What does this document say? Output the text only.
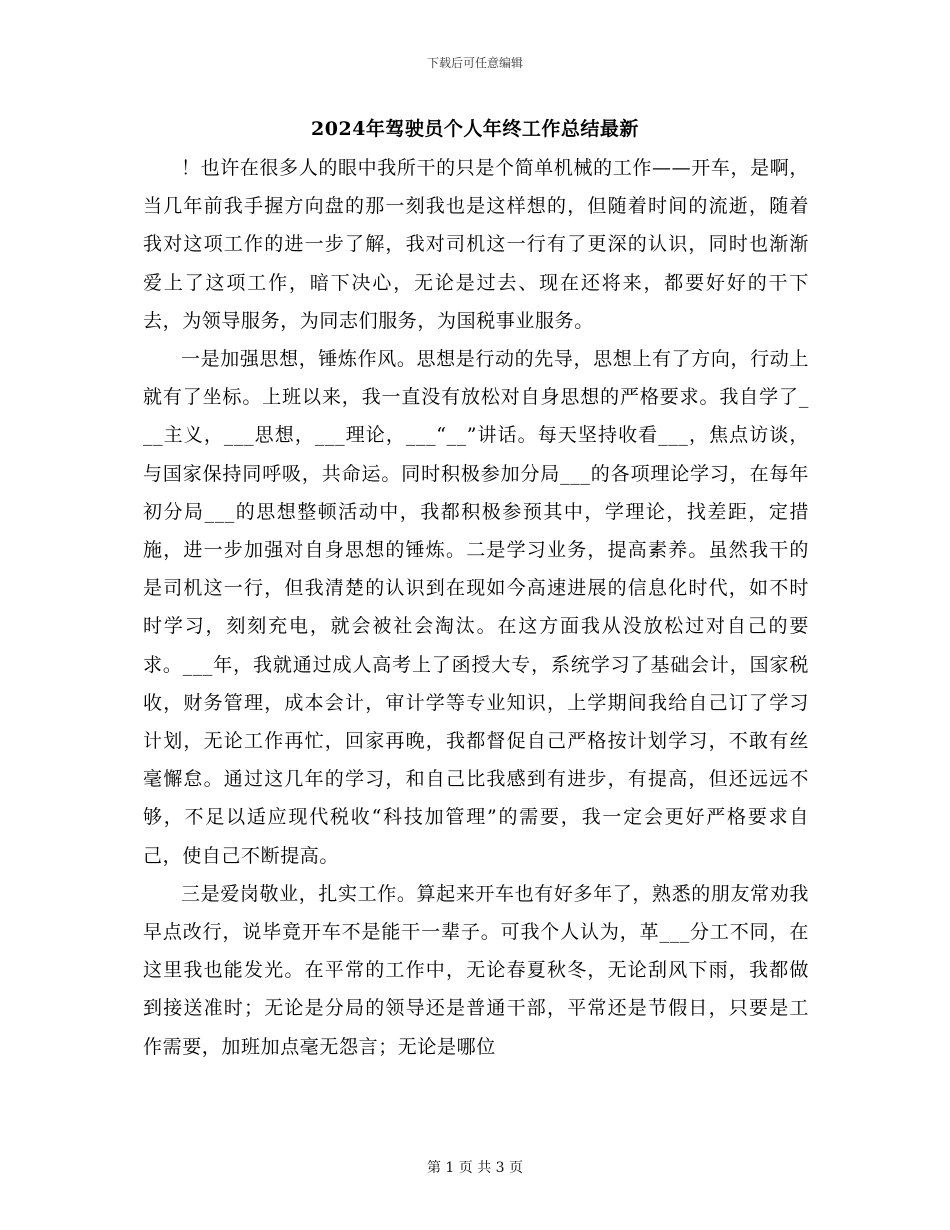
下载后可任意编辑
2024年驾驶员个人年终工作总结最新

！也许在很多人的眼中我所干的只是个简单机械的工作——开车，是啊，当几年前我手握方向盘的那一刻我也是这样想的，但随着时间的流逝，随着我对这项工作的进一步了解，我对司机这一行有了更深的认识，同时也渐渐爱上了这项工作，暗下决心，无论是过去、现在还将来，都要好好的干下去，为领导服务，为同志们服务，为国税事业服务。

一是加强思想，锤炼作风。思想是行动的先导，思想上有了方向，行动上就有了坐标。上班以来，我一直没有放松对自身思想的严格要求。我自学了___主义，___思想，___理论，___“__”讲话。每天坚持收看___，焦点访谈，与国家保持同呼吸，共命运。同时积极参加分局___的各项理论学习，在每年初分局___的思想整顿活动中，我都积极参预其中，学理论，找差距，定措施，进一步加强对自身思想的锤炼。二是学习业务，提高素养。虽然我干的是司机这一行，但我清楚的认识到在现如今高速进展的信息化时代，如不时时学习，刻刻充电，就会被社会淘汰。在这方面我从没放松过对自己的要求。___年，我就通过成人高考上了函授大专，系统学习了基础会计，国家税收，财务管理，成本会计，审计学等专业知识，上学期间我给自己订了学习计划，无论工作再忙，回家再晚，我都督促自己严格按计划学习，不敢有丝毫懈怠。通过这几年的学习，和自己比我感到有进步，有提高，但还远远不够，不足以适应现代税收“科技加管理”的需要，我一定会更好严格要求自己，使自己不断提高。

三是爱岗敬业，扎实工作。算起来开车也有好多年了，熟悉的朋友常劝我早点改行，说毕竟开车不是能干一辈子。可我个人认为，革___分工不同，在这里我也能发光。在平常的工作中，无论春夏秋冬，无论刮风下雨，我都做到接送准时；无论是分局的领导还是普通干部，平常还是节假日，只要是工作需要，加班加点毫无怨言；无论是哪位

第 1 页 共 3 页
